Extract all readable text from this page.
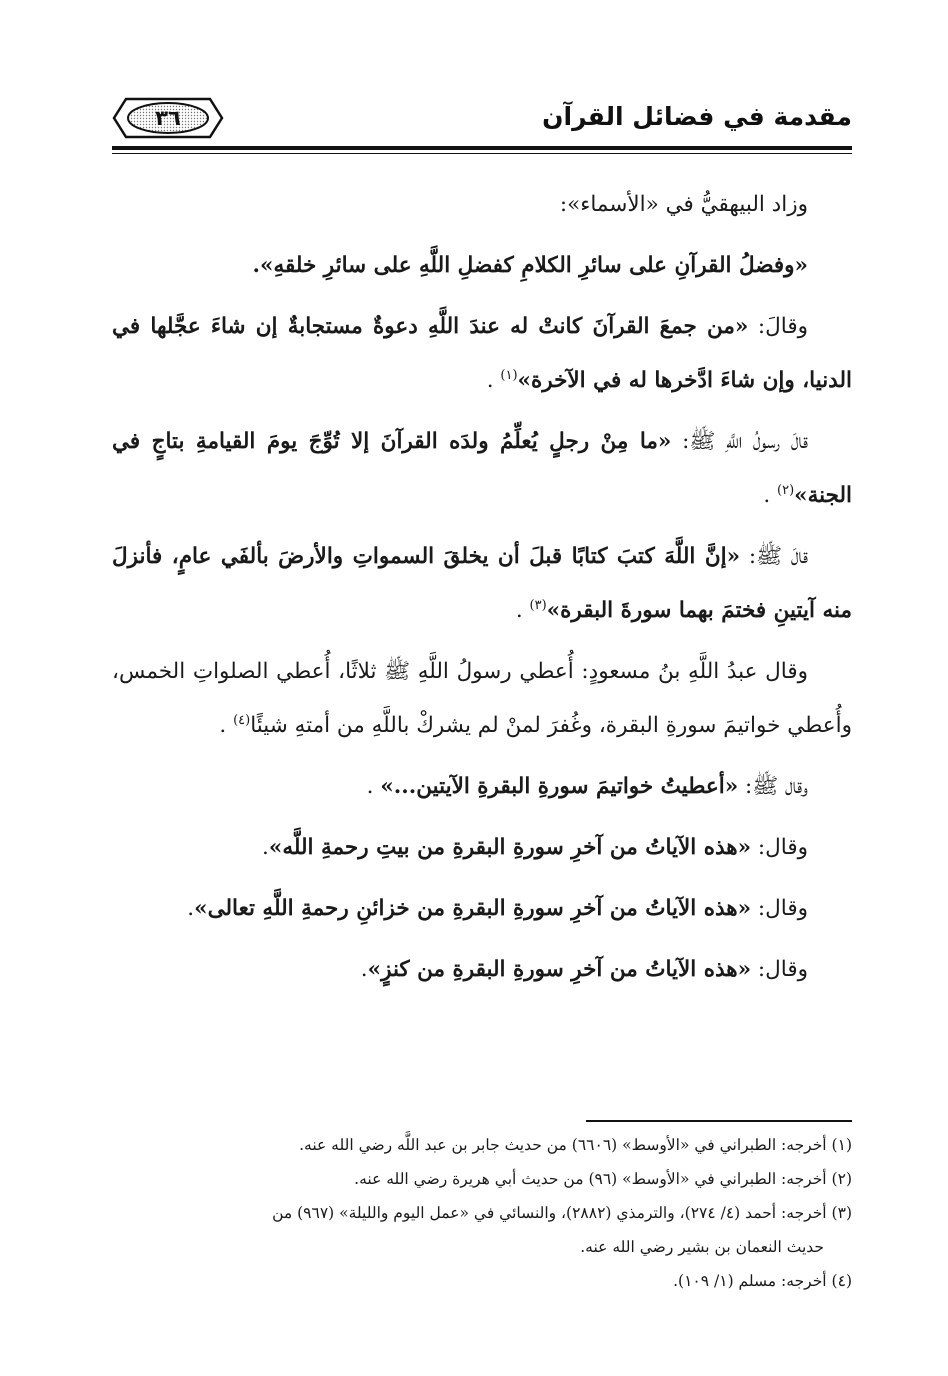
مقدمة في فضائل القرآن
٣٦

وزاد البيهقيُّ في «الأسماء»:

«وفضلُ القرآنِ على سائرِ الكلامِ كفضلِ اللَّهِ على سائرِ خلقهِ».

وقالَ: «من جمعَ القرآنَ كانتْ له عندَ اللَّهِ دعوةٌ مستجابةٌ إن شاءَ عجَّلها في الدنيا، وإن شاءَ ادَّخرها له في الآخرة»$^{(١)}$ .

قالَ رسولُ اللَّهِ ﷺ: «ما مِنْ رجلٍ يُعلِّمُ ولدَه القرآنَ إلا تُوِّجَ يومَ القيامةِ بتاجٍ في الجنة»$^{(٢)}$ .

قالَ ﷺ: «إنَّ اللَّهَ كتبَ كتابًا قبلَ أن يخلقَ السمواتِ والأرضَ بألفَي عامٍ، فأنزلَ منه آيتينِ فختمَ بهما سورةَ البقرة»$^{(٣)}$ .

وقال عبدُ اللَّهِ بنُ مسعودٍ: أُعطي رسولُ اللَّهِ ﷺ ثلاثًا، أُعطي الصلواتِ الخمس، وأُعطي خواتيمَ سورةِ البقرة، وغُفرَ لمنْ لم يشركْ باللَّهِ من أمتهِ شيئًا$^{(٤)}$ .

وقال ﷺ: «أعطيتُ خواتيمَ سورةِ البقرةِ الآيتين...» .

وقال: «هذه الآياتُ من آخرِ سورةِ البقرةِ من بيتِ رحمةِ اللَّه».

وقال: «هذه الآياتُ من آخرِ سورةِ البقرةِ من خزائنِ رحمةِ اللَّهِ تعالى».

وقال: «هذه الآياتُ من آخرِ سورةِ البقرةِ من كنزٍ».

(١) أخرجه: الطبراني في «الأوسط» (٦٦٠٦) من حديث جابر بن عبد اللَّه رضي الله عنه.

(٢) أخرجه: الطبراني في «الأوسط» (٩٦) من حديث أبي هريرة رضي الله عنه.

(٣) أخرجه: أحمد (٤/ ٢٧٤)، والترمذي (٢٨٨٢)، والنسائي في «عمل اليوم والليلة» (٩٦٧) من
حديث النعمان بن بشير رضي الله عنه.

(٤) أخرجه: مسلم (١/ ١٠٩).
